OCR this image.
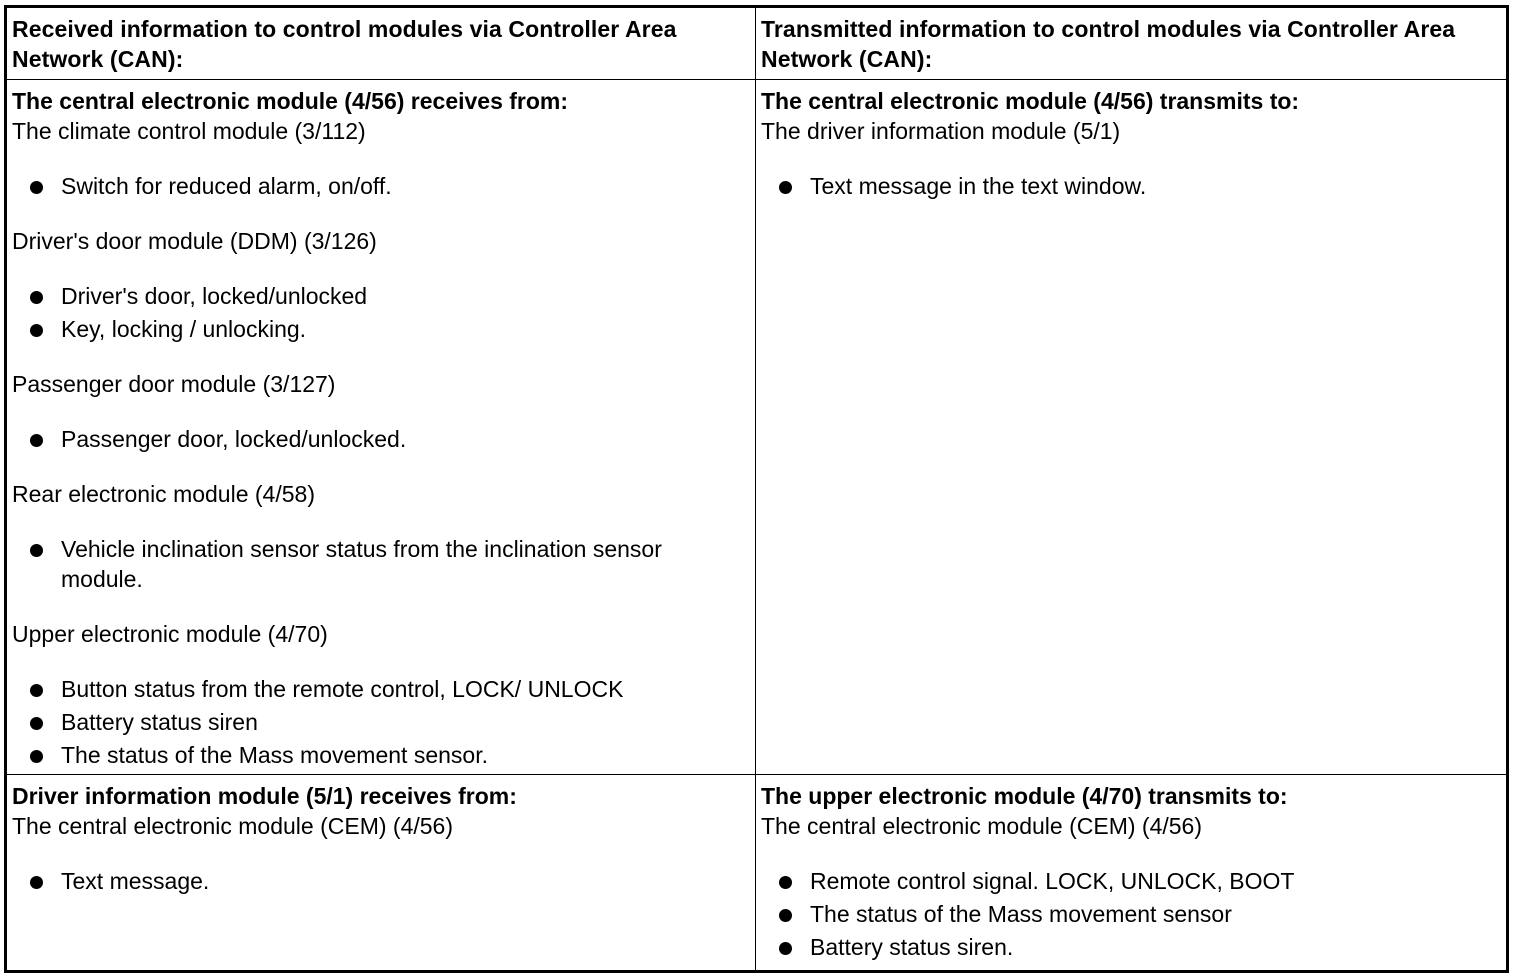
Received information to control modules via Controller Area Network (CAN):
Transmitted information to control modules via Controller Area Network (CAN):

The central electronic module (4/56) receives from:

The climate control module (3/112)

Switch for reduced alarm, on/off.

Driver's door module (DDM) (3/126)

Driver's door, locked/unlocked
Key, locking / unlocking.

Passenger door module (3/127)

Passenger door, locked/unlocked.

Rear electronic module (4/58)

Vehicle inclination sensor status from the inclination sensor module.

Upper electronic module (4/70)

Button status from the remote control, LOCK/ UNLOCK
Battery status siren
The status of the Mass movement sensor.

The central electronic module (4/56) transmits to:

The driver information module (5/1)

Text message in the text window.

Driver information module (5/1) receives from:

The central electronic module (CEM) (4/56)

Text message.

The upper electronic module (4/70) transmits to:

The central electronic module (CEM) (4/56)

Remote control signal. LOCK, UNLOCK, BOOT
The status of the Mass movement sensor
Battery status siren.
